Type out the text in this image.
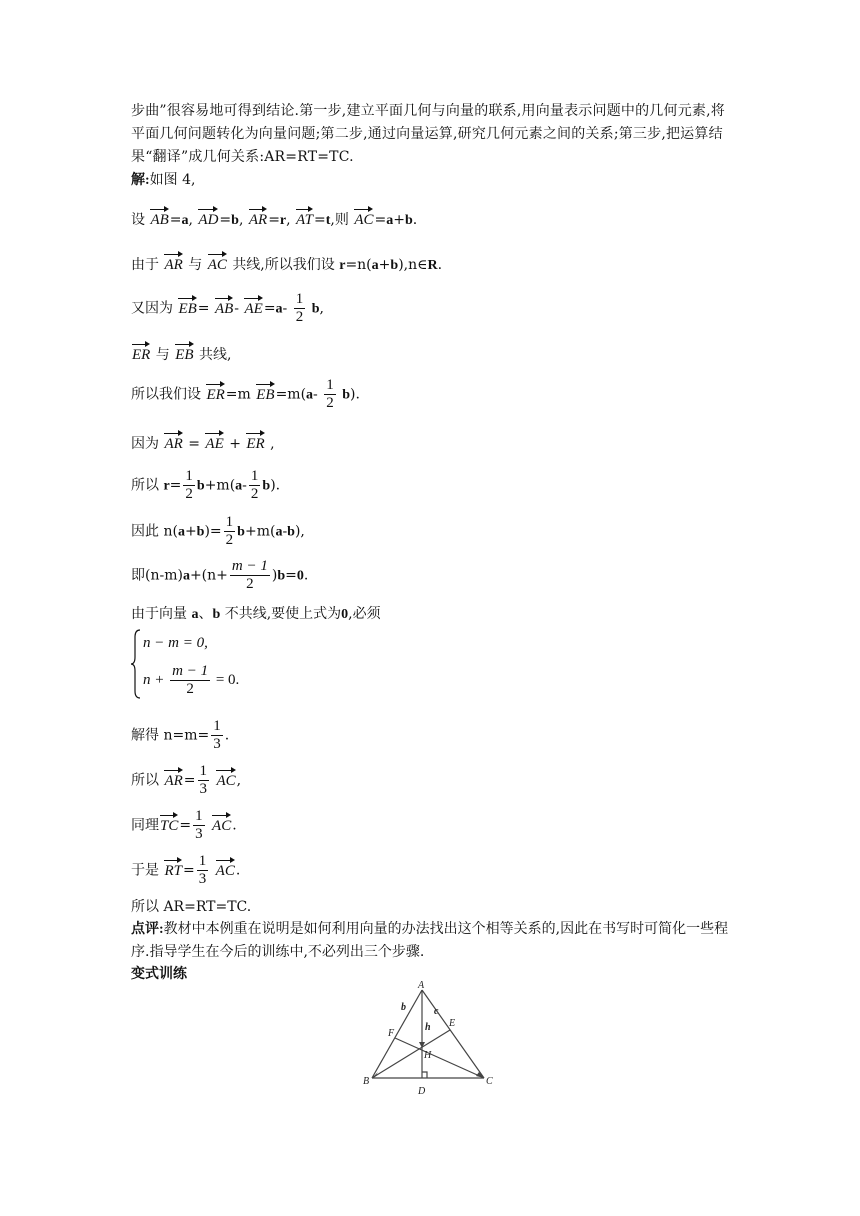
步曲”很容易地可得到结论.第一步,建立平面几何与向量的联系,用向量表示问题中的几何元素,将平面几何问题转化为向量问题;第二步,通过向量运算,研究几何元素之间的关系;第三步,把运算结果“翻译”成几何关系:AR=RT=TC.
解:如图 4,
设 AB=a, AD=b, AR=r, AT=t,则 AC=a+b.
由于 AR 与 AC 共线,所以我们设 r=n(a+b),n∈R.
又因为 EB= AB- $AE=a- \frac{1}{2} b$,
ER 与 EB 共线,
所以我们设 ER=m $EB=m(a- \frac{1}{2} b)$.
因为 AR = AE + ER ,
所以 $r= \frac{1}{2} b+m(a- \frac{1}{2} b)$.
因此 $n(a+b)= \frac{1}{2} b+m(a-b)$,
即$(n-m)a+(n+ \frac{m - 1}{2} )b=0$.
由于向量 a、b 不共线,要使上式为0,必须
n − m = 0,
$n + \frac{m - 1}{2} = 0$.
解得 $n=m= \frac{1}{3}$ .
所以 $AR= \frac{1}{3}$ AC,
同理$TC= \frac{1}{3}$ AC.
于是 $RT= \frac{1}{3}$ AC.
所以 AR=RT=TC.
点评:教材中本例重在说明是如何利用向量的办法找出这个相等关系的,因此在书写时可简化一些程序.指导学生在今后的训练中,不必列出三个步骤.
变式训练
A
B	C
D
E
F
H
b	c
h
